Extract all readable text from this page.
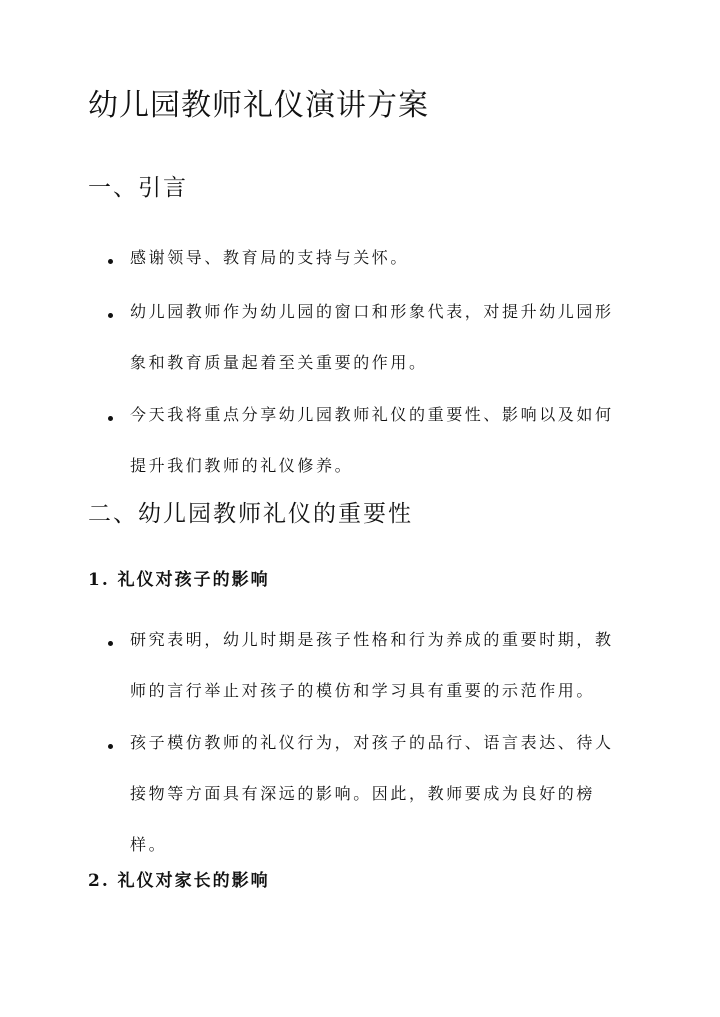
幼儿园教师礼仪演讲方案
一、引言
感谢领导、教育局的支持与关怀。
幼儿园教师作为幼儿园的窗口和形象代表，对提升幼儿园形象和教育质量起着至关重要的作用。
今天我将重点分享幼儿园教师礼仪的重要性、影响以及如何提升我们教师的礼仪修养。
二、幼儿园教师礼仪的重要性
1. 礼仪对孩子的影响
研究表明，幼儿时期是孩子性格和行为养成的重要时期，教师的言行举止对孩子的模仿和学习具有重要的示范作用。
孩子模仿教师的礼仪行为，对孩子的品行、语言表达、待人接物等方面具有深远的影响。因此，教师要成为良好的榜样。
2. 礼仪对家长的影响
